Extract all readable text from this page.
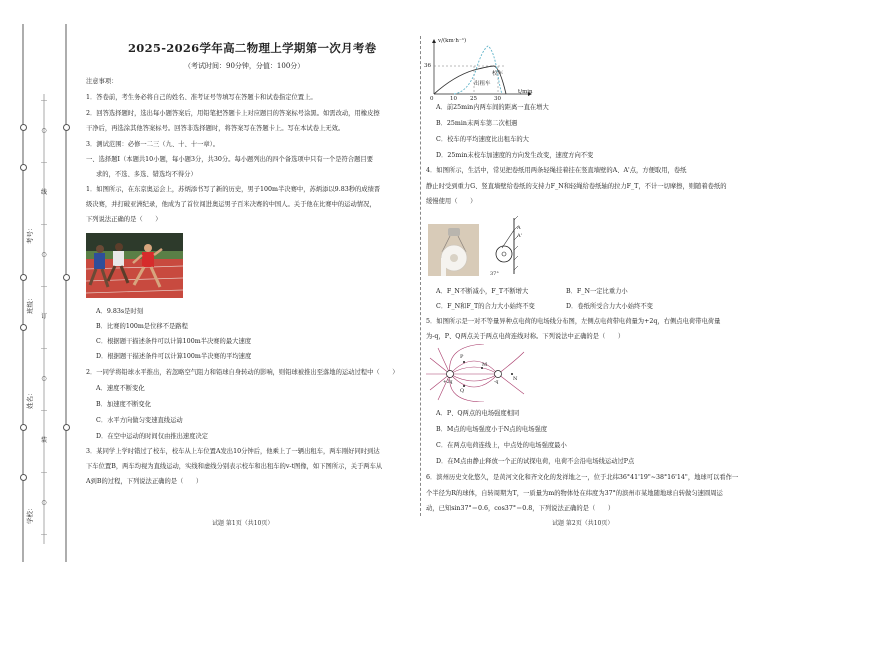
学校：
姓名：
班级：
考号：
…
○
…
线
…
○
…
订
…
○
…
装
…
○
…
2025-2026学年高二物理上学期第一次月考卷
（考试时间：90分钟，分值：100分）
注意事项：
1．答卷前，考生务必将自己的姓名、准考证号等填写在答题卡和试卷指定位置上。
2．回答选择题时，选出每小题答案后，用铅笔把答题卡上对应题目的答案标号涂黑。如需改动，用橡皮擦
干净后，再选涂其他答案标号。回答非选择题时，将答案写在答题卡上。写在本试卷上无效。
3．测试范围：必修一二三（九、十、十一章）。
一、选择题Ⅰ（本题共10小题，每小题3分，共30分。每小题列出的四个备选项中只有一个是符合题目要
求的，不选、多选、错选均不得分）
1．如图所示，在东京奥运会上，苏炳添书写了新的历史，男子100m半决赛中，苏炳添以9.83秒的成绩晋
级决赛，并打破亚洲纪录，他成为了首位闯进奥运男子百米决赛的中国人。关于他在比赛中的运动情况，
下列说法正确的是（　　）
A．9.83s是时刻
B．比赛的100m是位移不是路程
C．根据题干描述条件可以计算100m半决赛的最大速度
D．根据题干描述条件可以计算100m半决赛的平均速度
2．一同学将铅球水平推出，若忽略空气阻力和铅球自身转动的影响，则铅球被推出至落地的运动过程中（　　）
A．速度不断变化
B．加速度不断变化
C．水平方向做匀变速直线运动
D．在空中运动的时间仅由推出速度决定
3．某同学上学时错过了校车，校车从上车位置A发出10分钟后，他乘上了一辆出租车，两车刚好同时到达
下车位置B，两车均视为直线运动，实线和虚线分别表示校车和出租车的v-t图像，如下图所示，关于两车从
A到B的过程，下列说法正确的是（　　）
试题 第1页（共10页）
v/(km·h⁻¹)
t/min
36
0	10 25	30
校车
出租车
A．前25min内两车间的距离一直在增大
B．25min末两车第二次相遇
C．校车的平均速度比出租车的大
D．25min末校车加速度的方向发生改变，速度方向不变
4．如图所示，生活中，常见把卷纸用两条轻绳挂着挂在竖直墙壁的A、A'点，方便取用，卷纸
静止时受到重力G、竖直墙壁给卷纸的支持力F_N和轻绳给卷纸轴的拉力F_T，不计一切摩擦，则随着卷纸的
缓慢使用（　　）
A
A'
37°
A．F_N不断减小，F_T不断增大	B．F_N一定比重力小
C．F_N和F_T的合力大小始终不变	D．卷纸所受合力大小始终不变
5．如图所示是一对不等量异种点电荷的电场线分布图，左侧点电荷带电荷量为+2q，右侧点电荷带电荷量
为-q，P、Q两点关于两点电荷连线对称。下列说法中正确的是（　　）
P
Q
M
N
-q
+2q
A．P、Q两点的电场强度相同
B．M点的电场强度小于N点的电场强度
C．在两点电荷连线上，中点处的电场强度最小
D．在M点由静止释放一个正的试探电荷，电荷不会沿电场线运动过P点
6．滨州历史文化悠久，是黄河文化和齐文化的发祥地之一，位于北纬36°41'19"~38°16'14"，地球可以看作一
个半径为R的球体，自转周期为T，一质量为m的物体处在纬度为37°的滨州市某地随地球自转做匀速圆周运
动，已知sin37°＝0.6，cos37°＝0.8，下列说法正确的是（　　）
试题 第2页（共10页）
